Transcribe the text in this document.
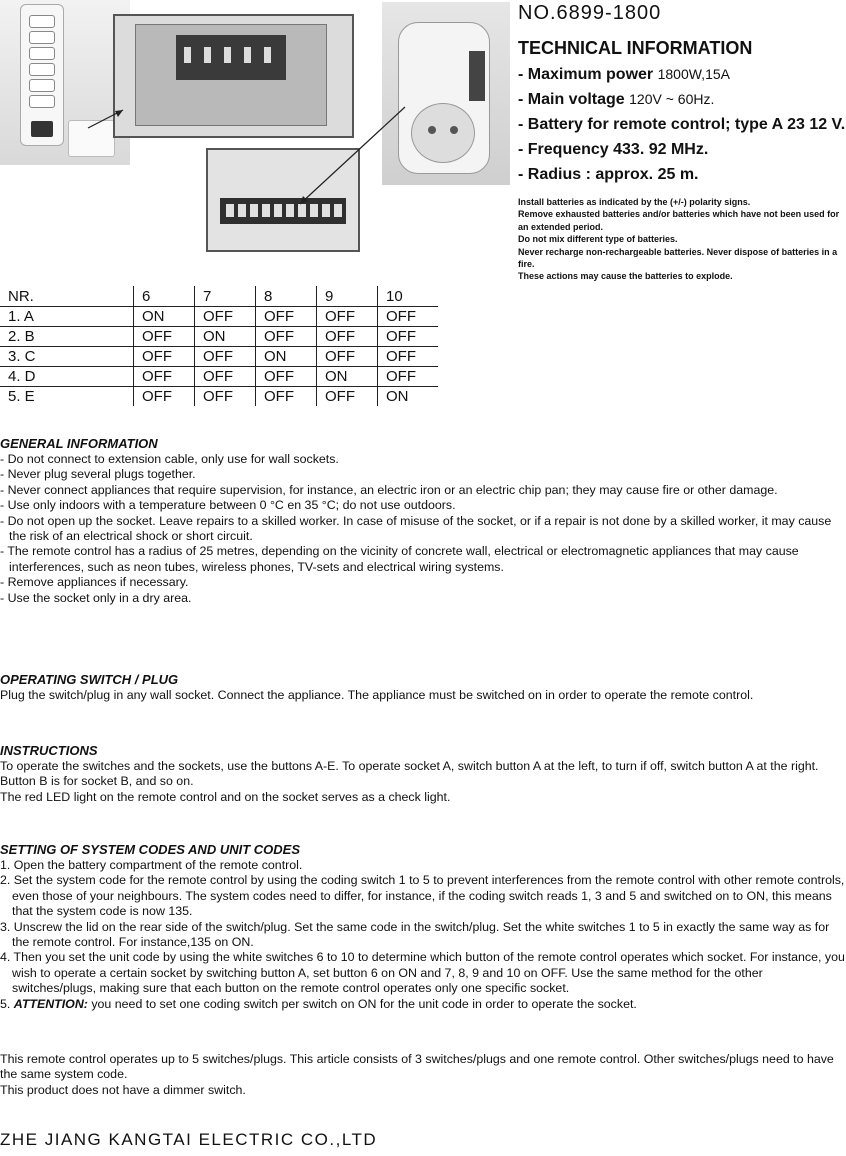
NO.6899-1800
TECHNICAL INFORMATION
- Maximum power 1800W,15A
- Main voltage 120V ~ 60Hz.
- Battery for remote control; type A 23 12 V.
- Frequency 433. 92 MHz.
- Radius : approx. 25 m.
Install batteries as indicated by the (+/-) polarity signs.
Remove exhausted batteries and/or batteries which have not been used for an extended period.
Do not mix different type of batteries.
Never recharge non-rechargeable batteries. Never dispose of batteries in a fire.
These actions may cause the batteries to explode.
NR.	6	7	8	9	10
1. A	ON	OFF	OFF	OFF	OFF
2. B	OFF	ON	OFF	OFF	OFF
3. C	OFF	OFF	ON	OFF	OFF
4. D	OFF	OFF	OFF	ON	OFF
5. E	OFF	OFF	OFF	OFF	ON
GENERAL INFORMATION
- Do not connect to extension cable, only use for wall sockets.
- Never plug several plugs together.
- Never connect appliances that require supervision, for instance, an electric iron or an electric chip pan; they may cause fire or other damage.
- Use only indoors with a temperature between 0 °C en 35 °C; do not use outdoors.
- Do not open up the socket. Leave repairs to a skilled worker. In case of misuse of the socket, or if a repair is not done by a skilled worker, it may cause the risk of an electrical shock or short circuit.
- The remote control has a radius of 25 metres, depending on the vicinity of concrete wall, electrical or electromagnetic appliances that may cause interferences, such as neon tubes, wireless phones, TV-sets and electrical wiring systems.
- Remove appliances if necessary.
- Use the socket only in a dry area.
OPERATING SWITCH / PLUG

Plug the switch/plug in any wall socket. Connect the appliance. The appliance must be switched on in order to operate the remote control.

INSTRUCTIONS

To operate the switches and the sockets, use the buttons A-E. To operate socket A, switch button A at the left, to turn if off, switch button A at the right. Button B is for socket B, and so on.

The red LED light on the remote control and on the socket serves as a check light.

SETTING OF SYSTEM CODES AND UNIT CODES
1. Open the battery compartment of the remote control.
2. Set the system code for the remote control by using the coding switch 1 to 5 to prevent interferences from the remote control with other remote controls, even those of your neighbours. The system codes need to differ, for instance, if the coding switch reads 1, 3 and 5 and switched on to ON, this means that the system code is now 135.
3. Unscrew the lid on the rear side of the switch/plug. Set the same code in the switch/plug. Set the white switches 1 to 5 in exactly the same way as for the remote control. For instance,135 on ON.
4. Then you set the unit code by using the white switches 6 to 10 to determine which button of the remote control operates which socket. For instance, you wish to operate a certain socket by switching button A, set button 6 on ON and 7, 8, 9 and 10 on OFF. Use the same method for the other switches/plugs, making sure that each button on the remote control operates only one specific socket.
5. ATTENTION: you need to set one coding switch per switch on ON for the unit code in order to operate the socket.

This remote control operates up to 5 switches/plugs. This article consists of 3 switches/plugs and one remote control. Other switches/plugs need to have the same system code.

This product does not have a dimmer switch.

ZHE JIANG KANGTAI ELECTRIC CO.,LTD
